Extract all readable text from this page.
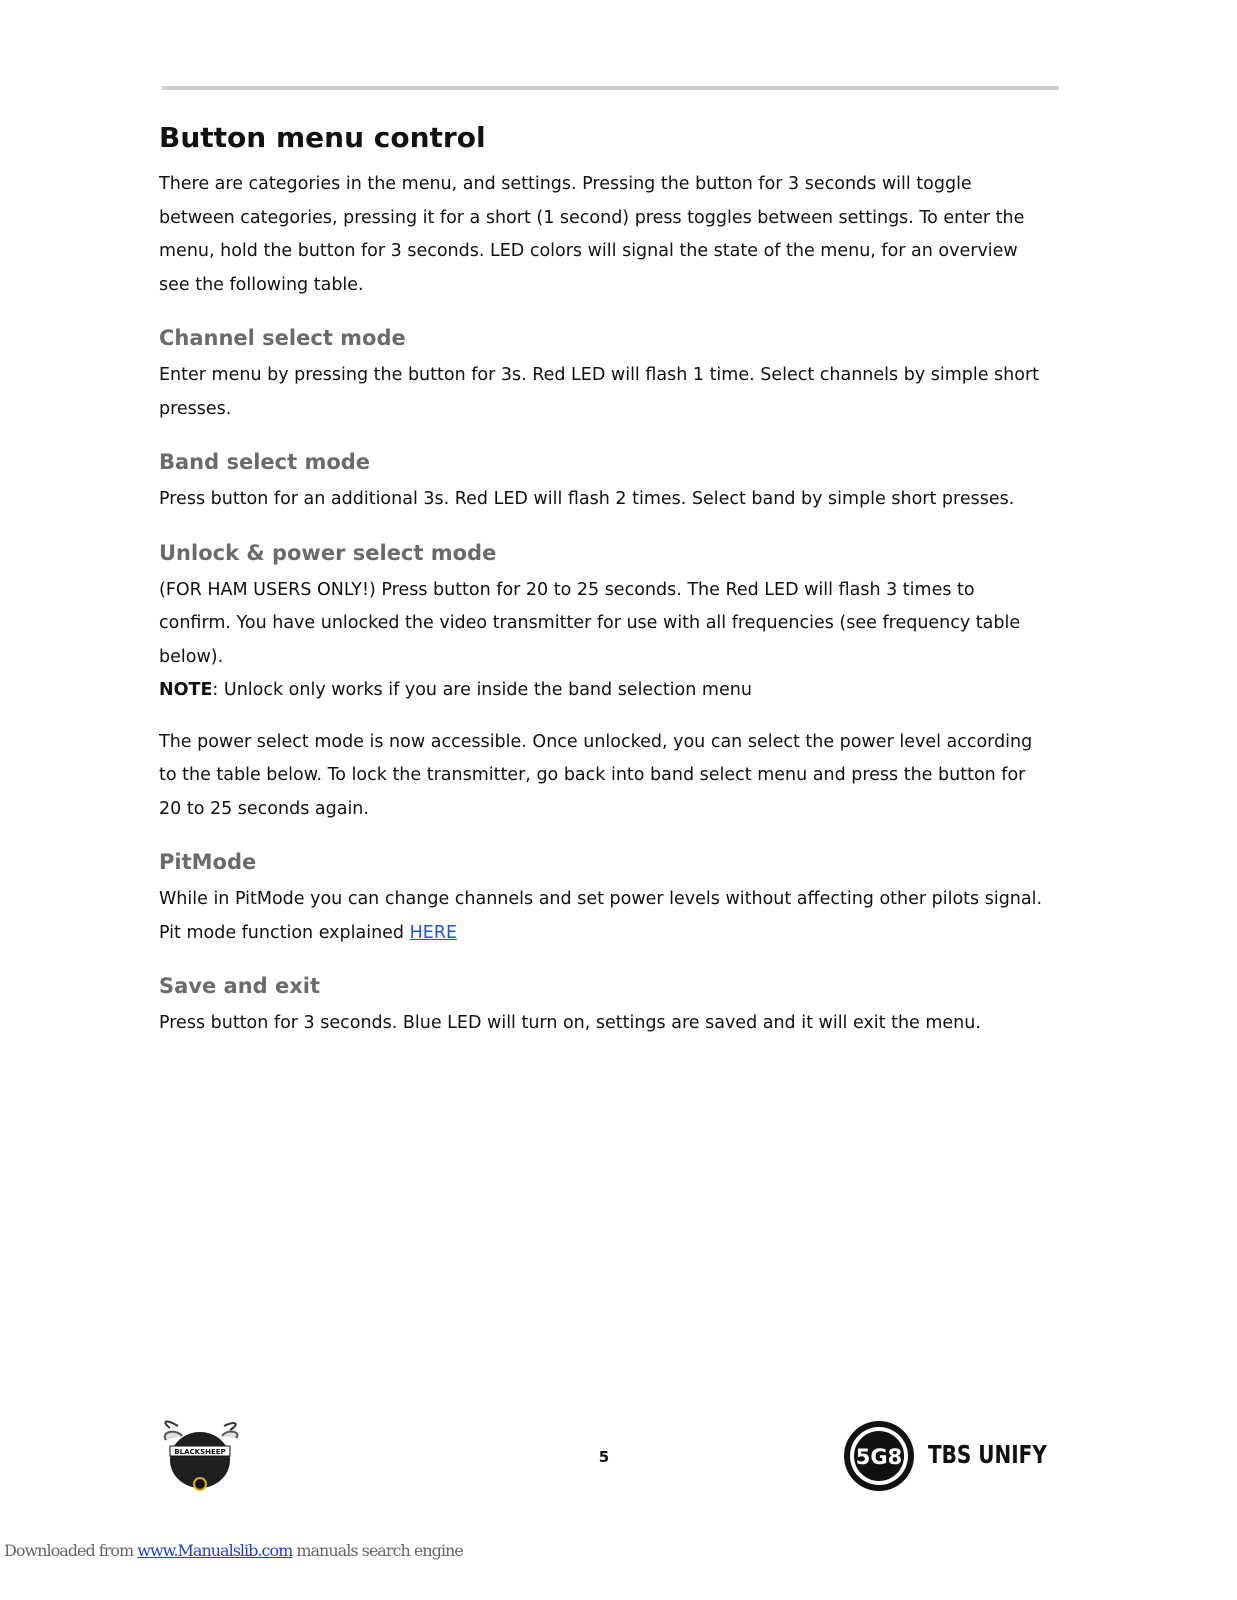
Button menu control

There are categories in the menu, and settings. Pressing the button for 3 seconds will toggle between categories, pressing it for a short (1 second) press toggles between settings. To enter the menu, hold the button for 3 seconds. LED colors will signal the state of the menu, for an overview see the following table.

Channel select mode

Enter menu by pressing the button for 3s. Red LED will flash 1 time. Select channels by simple short presses.

Band select mode

Press button for an additional 3s. Red LED will flash 2 times. Select band by simple short presses.

Unlock & power select mode

(FOR HAM USERS ONLY!) Press button for 20 to 25 seconds. The Red LED will flash 3 times to confirm. You have unlocked the video transmitter for use with all frequencies (see frequency table below).

NOTE: Unlock only works if you are inside the band selection menu

The power select mode is now accessible. Once unlocked, you can select the power level according to the table below. To lock the transmitter, go back into band select menu and press the button for 20 to 25 seconds again.

PitMode

While in PitMode you can change channels and set power levels without affecting other pilots signal.

Pit mode function explained HERE

Save and exit

Press button for 3 seconds. Blue LED will turn on, settings are saved and it will exit the menu.

BLACKSHEEP	5	5G8 TBS UNIFY
Downloaded from www.Manualslib.com manuals search engine
